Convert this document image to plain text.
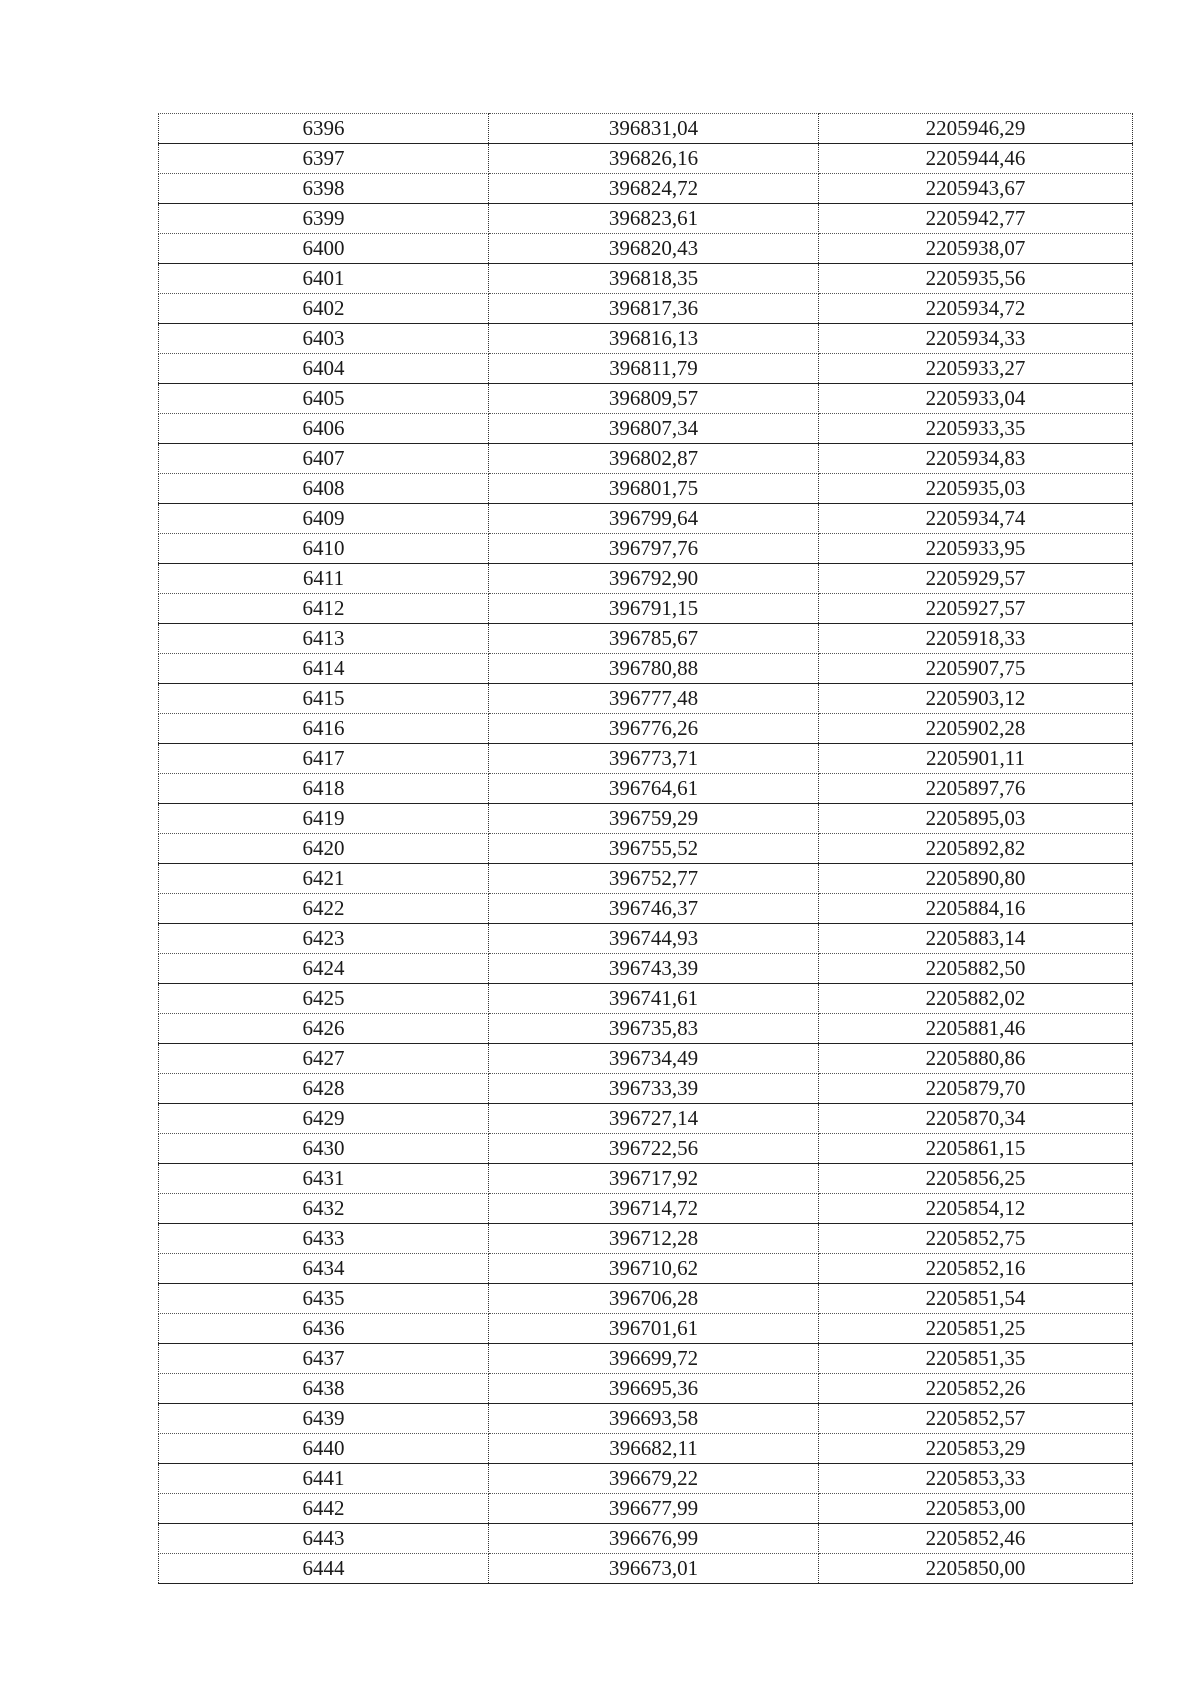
6396	396831,04	2205946,29
6397	396826,16	2205944,46
6398	396824,72	2205943,67
6399	396823,61	2205942,77
6400	396820,43	2205938,07
6401	396818,35	2205935,56
6402	396817,36	2205934,72
6403	396816,13	2205934,33
6404	396811,79	2205933,27
6405	396809,57	2205933,04
6406	396807,34	2205933,35
6407	396802,87	2205934,83
6408	396801,75	2205935,03
6409	396799,64	2205934,74
6410	396797,76	2205933,95
6411	396792,90	2205929,57
6412	396791,15	2205927,57
6413	396785,67	2205918,33
6414	396780,88	2205907,75
6415	396777,48	2205903,12
6416	396776,26	2205902,28
6417	396773,71	2205901,11
6418	396764,61	2205897,76
6419	396759,29	2205895,03
6420	396755,52	2205892,82
6421	396752,77	2205890,80
6422	396746,37	2205884,16
6423	396744,93	2205883,14
6424	396743,39	2205882,50
6425	396741,61	2205882,02
6426	396735,83	2205881,46
6427	396734,49	2205880,86
6428	396733,39	2205879,70
6429	396727,14	2205870,34
6430	396722,56	2205861,15
6431	396717,92	2205856,25
6432	396714,72	2205854,12
6433	396712,28	2205852,75
6434	396710,62	2205852,16
6435	396706,28	2205851,54
6436	396701,61	2205851,25
6437	396699,72	2205851,35
6438	396695,36	2205852,26
6439	396693,58	2205852,57
6440	396682,11	2205853,29
6441	396679,22	2205853,33
6442	396677,99	2205853,00
6443	396676,99	2205852,46
6444	396673,01	2205850,00
